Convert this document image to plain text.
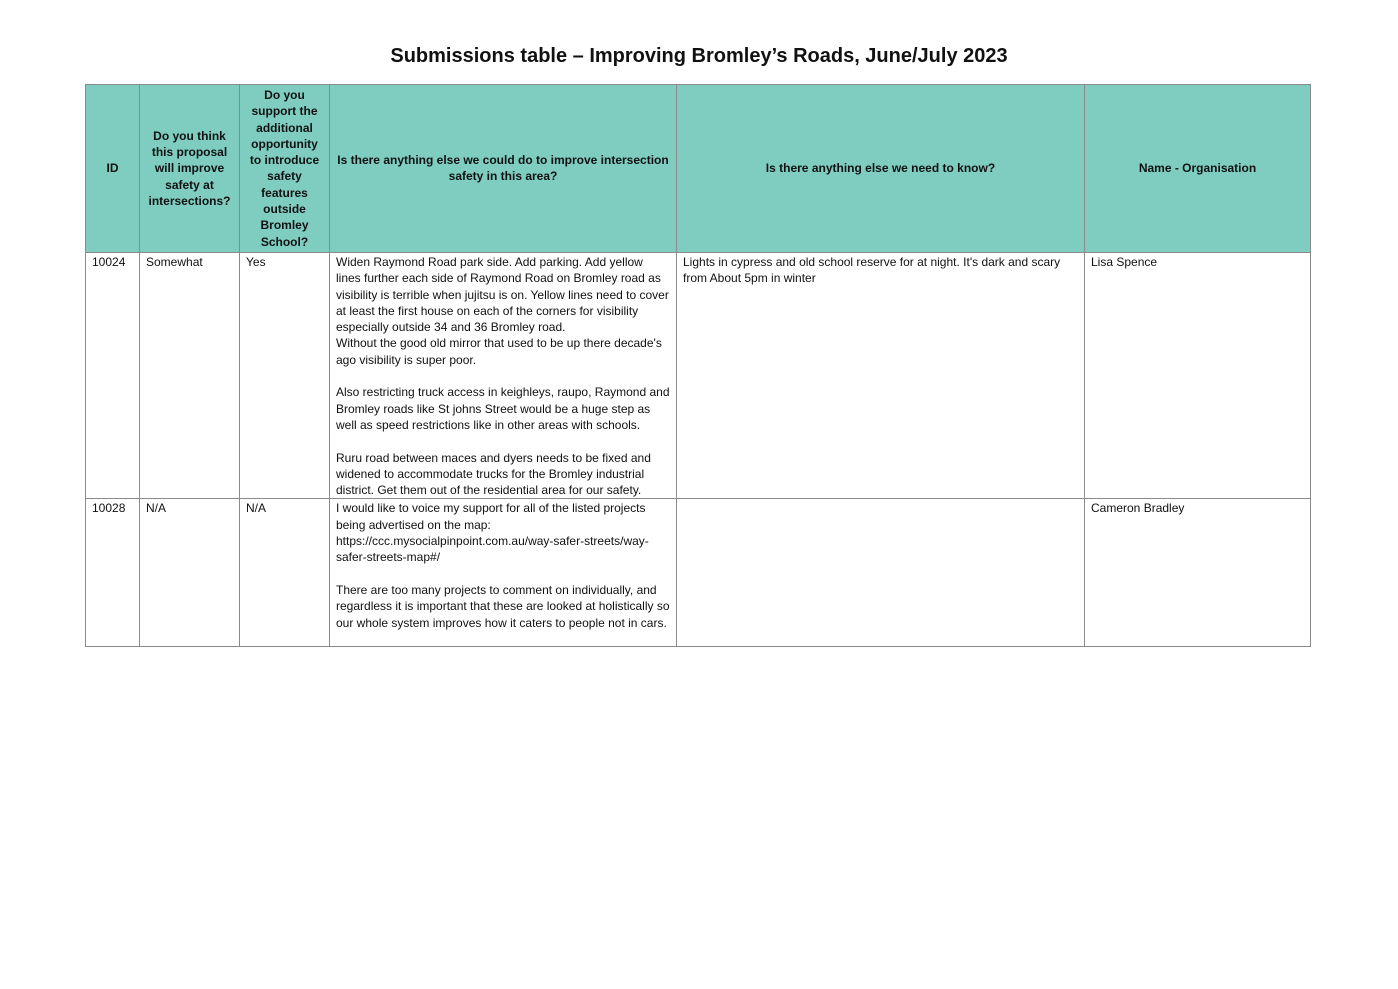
Submissions table – Improving Bromley’s Roads, June/July 2023
ID	Do you think this proposal will improve safety at intersections?	Do you support the additional opportunity to introduce safety features outside Bromley School?	Is there anything else we could do to improve intersection safety in this area?	Is there anything else we need to know?	Name - Organisation
10024	Somewhat	Yes	Widen Raymond Road park side. Add parking. Add yellow lines further each side of Raymond Road on Bromley road as visibility is terrible when jujitsu is on. Yellow lines need to cover at least the first house on each of the corners for visibility especially outside 34 and 36 Bromley road.
Without the good old mirror that used to be up there decade's ago visibility is super poor.

Also restricting truck access in keighleys, raupo, Raymond and Bromley roads like St johns Street would be a huge step as well as speed restrictions like in other areas with schools.

Ruru road between maces and dyers needs to be fixed and widened to accommodate trucks for the Bromley industrial district. Get them out of the residential area for our safety.	Lights in cypress and old school reserve for at night. It's dark and scary from About 5pm in winter	Lisa Spence
10028	N/A	N/A	I would like to voice my support for all of the listed projects being advertised on the map: https://ccc.mysocialpinpoint.com.au/way-safer-streets/way-safer-streets-map#/

There are too many projects to comment on individually, and regardless it is important that these are looked at holistically so our whole system improves how it caters to people not in cars.		Cameron Bradley
